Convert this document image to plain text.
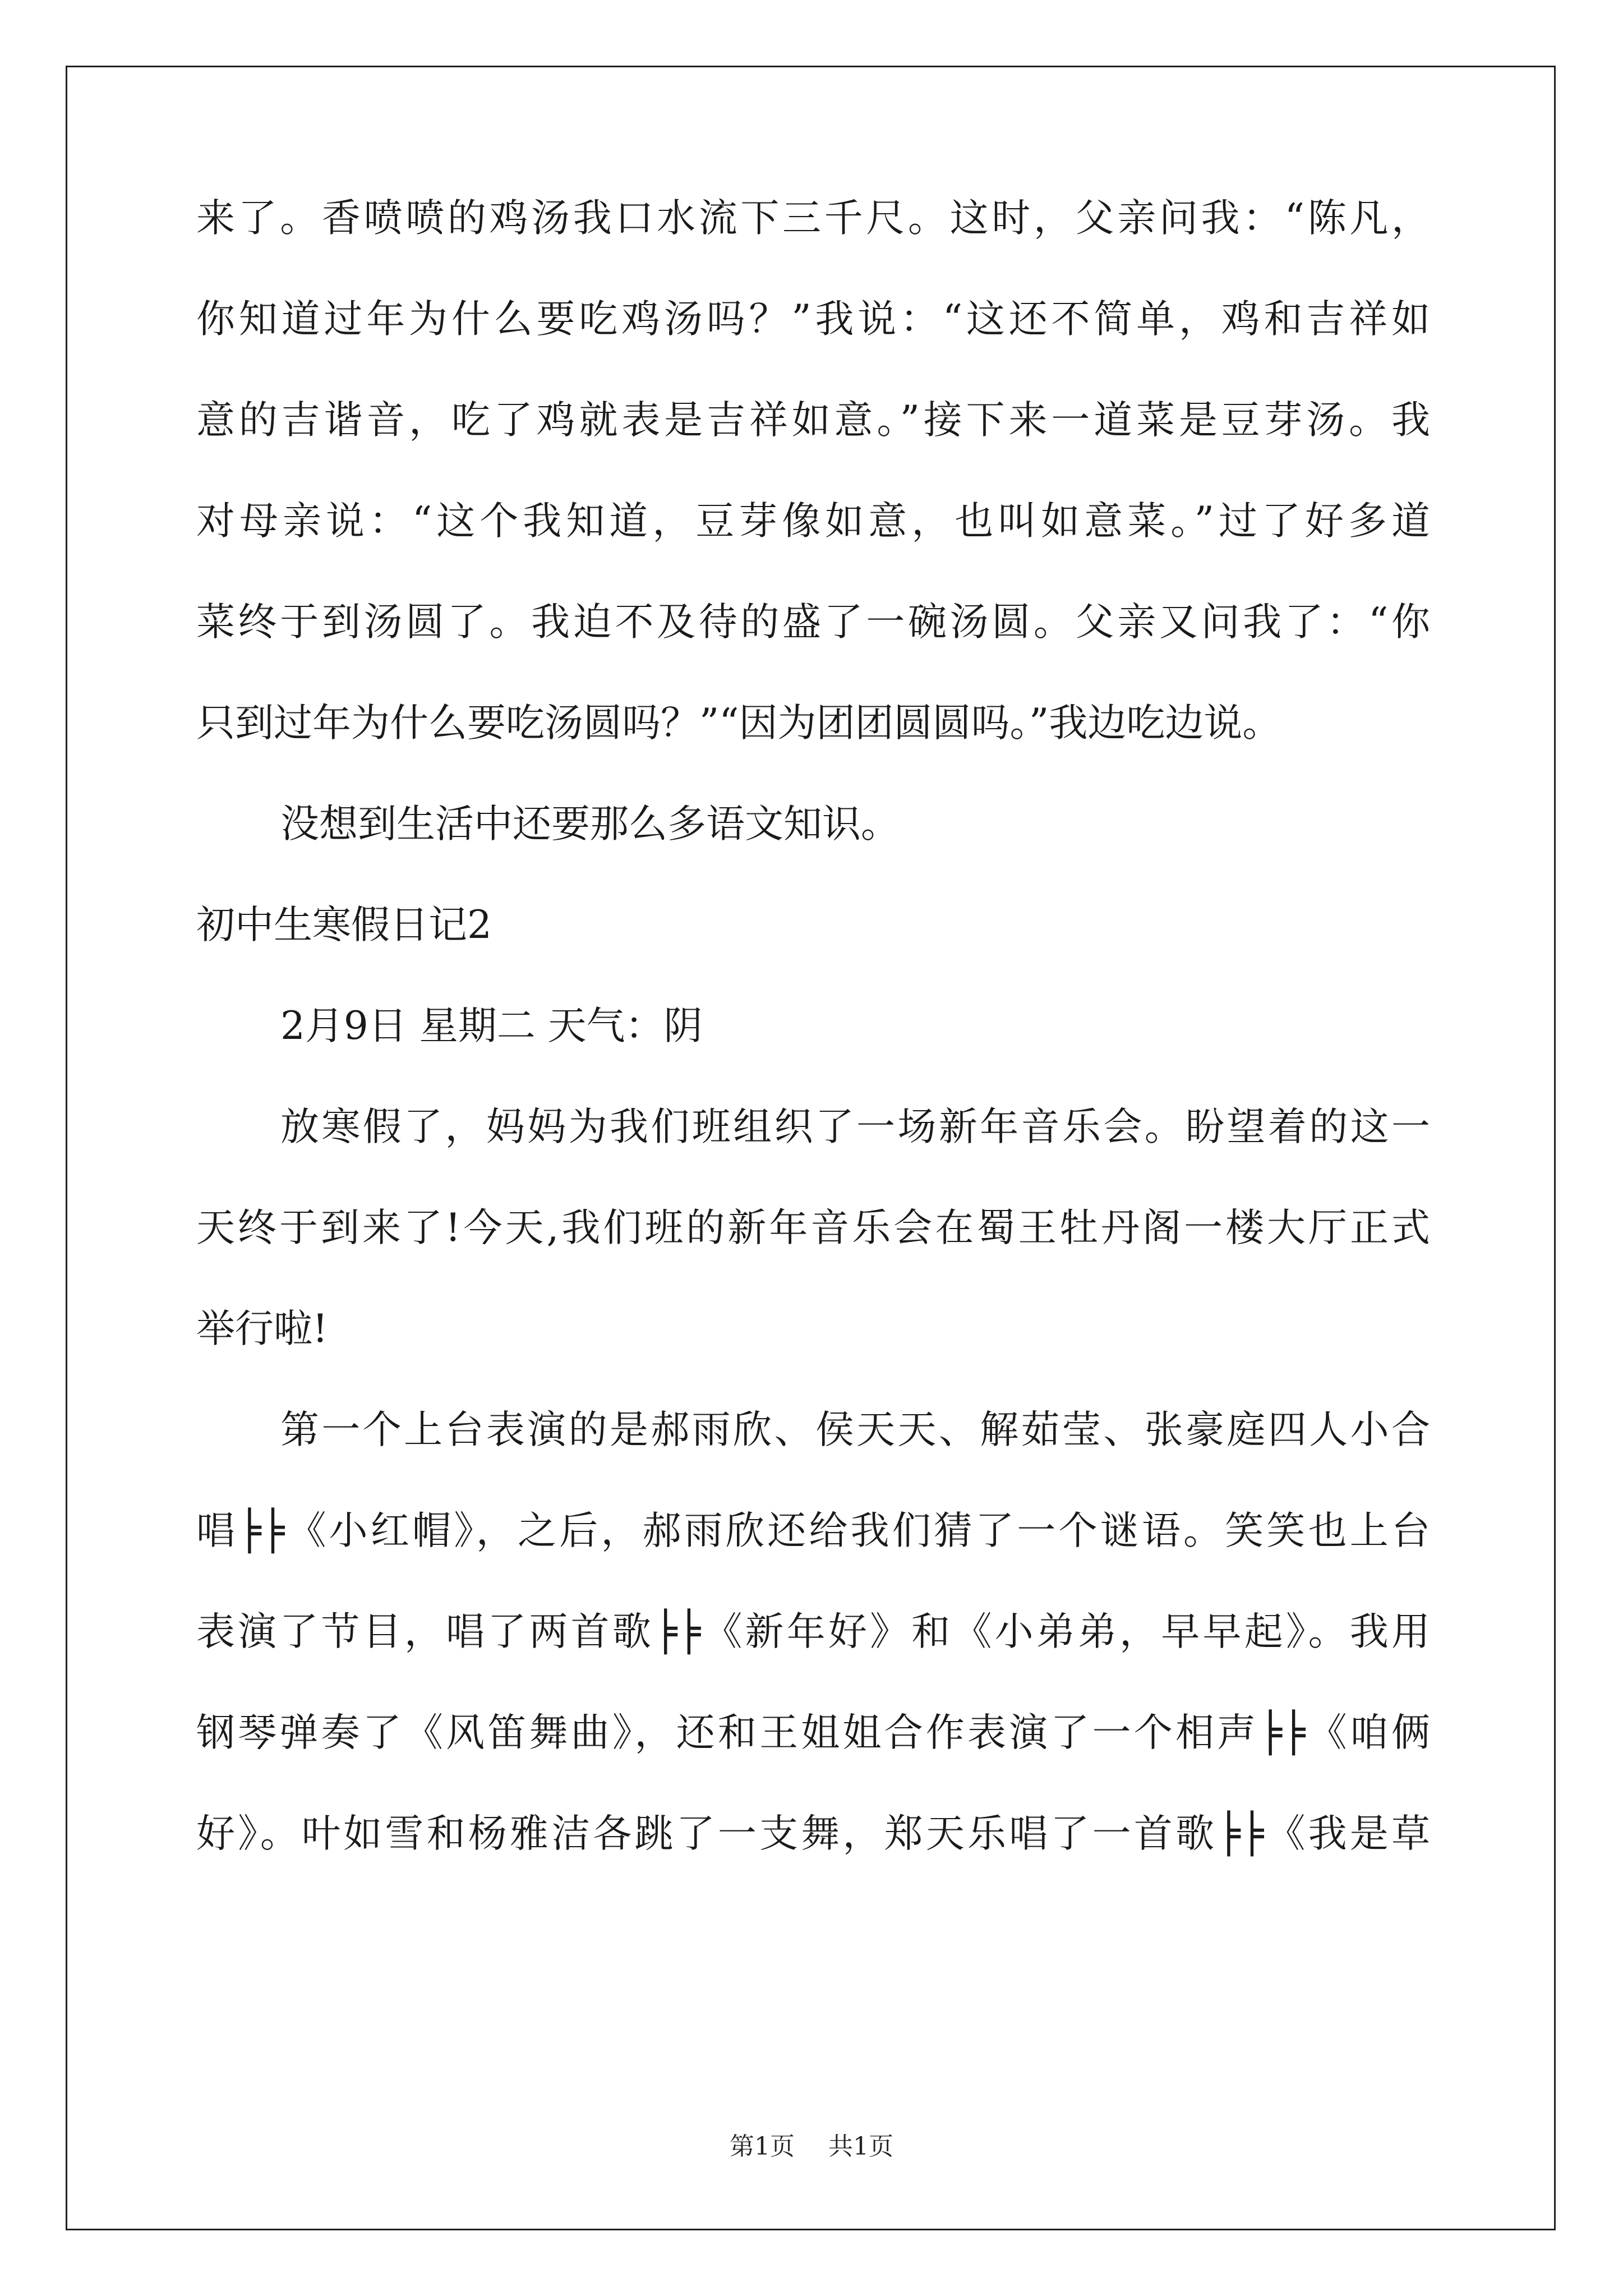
来了。香喷喷的鸡汤我口水流下三千尺。这时，父亲问我：“陈凡，
你知道过年为什么要吃鸡汤吗？”我说：“这还不简单，鸡和吉祥如
意的吉谐音，吃了鸡就表是吉祥如意。”接下来一道菜是豆芽汤。我
对母亲说：“这个我知道，豆芽像如意，也叫如意菜。”过了好多道
菜终于到汤圆了。我迫不及待的盛了一碗汤圆。父亲又问我了：“你
只到过年为什么要吃汤圆吗？”“因为团团圆圆吗。”我边吃边说。
没想到生活中还要那么多语文知识。
初中生寒假日记2
2月9日 星期二 天气：阴
放寒假了，妈妈为我们班组织了一场新年音乐会。盼望着的这一
天终于到来了!今天,我们班的新年音乐会在蜀王牡丹阁一楼大厅正式
举行啦!
第一个上台表演的是郝雨欣、侯天天、解茹莹、张豪庭四人小合
唱╞╞《小红帽》，之后，郝雨欣还给我们猜了一个谜语。笑笑也上台
表演了节目，唱了两首歌╞╞《新年好》和《小弟弟，早早起》。我用
钢琴弹奏了《风笛舞曲》，还和王姐姐合作表演了一个相声╞╞《咱俩
好》。叶如雪和杨雅洁各跳了一支舞，郑天乐唱了一首歌╞╞《我是草
第1页 共1页
